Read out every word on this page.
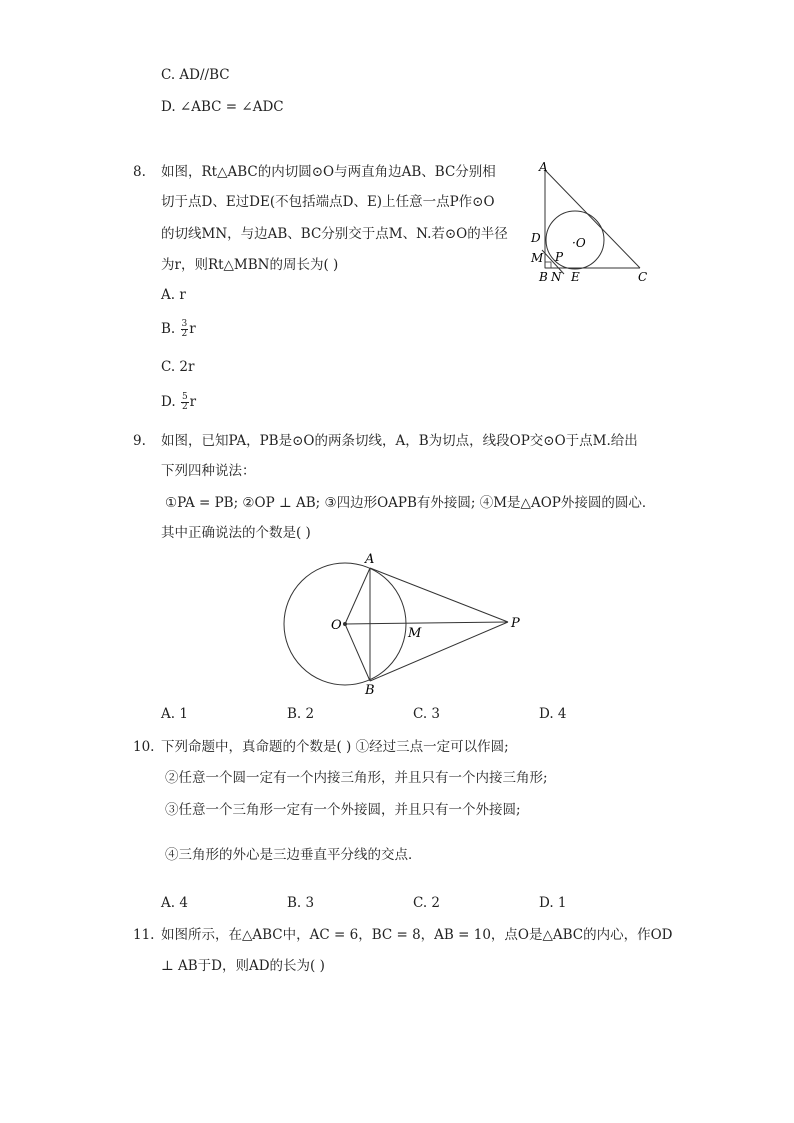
C. AD//BC
D. ∠ABC = ∠ADC
8. 如图，Rt△ABC的内切圆⊙O与两直角边AB、BC分别相
切于点D、E过DE(不包括端点D、E)上任意一点P作⊙O
的切线MN，与边AB、BC分别交于点M、N.若⊙O的半径
为r，则Rt△MBN的周长为( )
A. r
B. $\frac{3}{2}$ r
C. 2r
D. $\frac{5}{2}$ r
A
D
M P
B N E	C
·O
9. 如图，已知PA，PB是⊙O的两条切线，A，B为切点，线段OP交⊙O于点M.给出
下列四种说法：
①PA = PB; ②OP ⊥ AB; ③四边形OAPB有外接圆; ④M是△AOP外接圆的圆心．
其中正确说法的个数是( )
A
B
O
M
P
A. 1	B. 2	C. 3	D. 4
10. 下列命题中，真命题的个数是( ) ①经过三点一定可以作圆;
②任意一个圆一定有一个内接三角形，并且只有一个内接三角形;
③任意一个三角形一定有一个外接圆，并且只有一个外接圆;
④三角形的外心是三边垂直平分线的交点．
A. 4	B. 3	C. 2	D. 1
11. 如图所示，在△ABC中，AC = 6，BC = 8，AB = 10，点O是△ABC的内心，作OD
⊥ AB于D，则AD的长为( )
